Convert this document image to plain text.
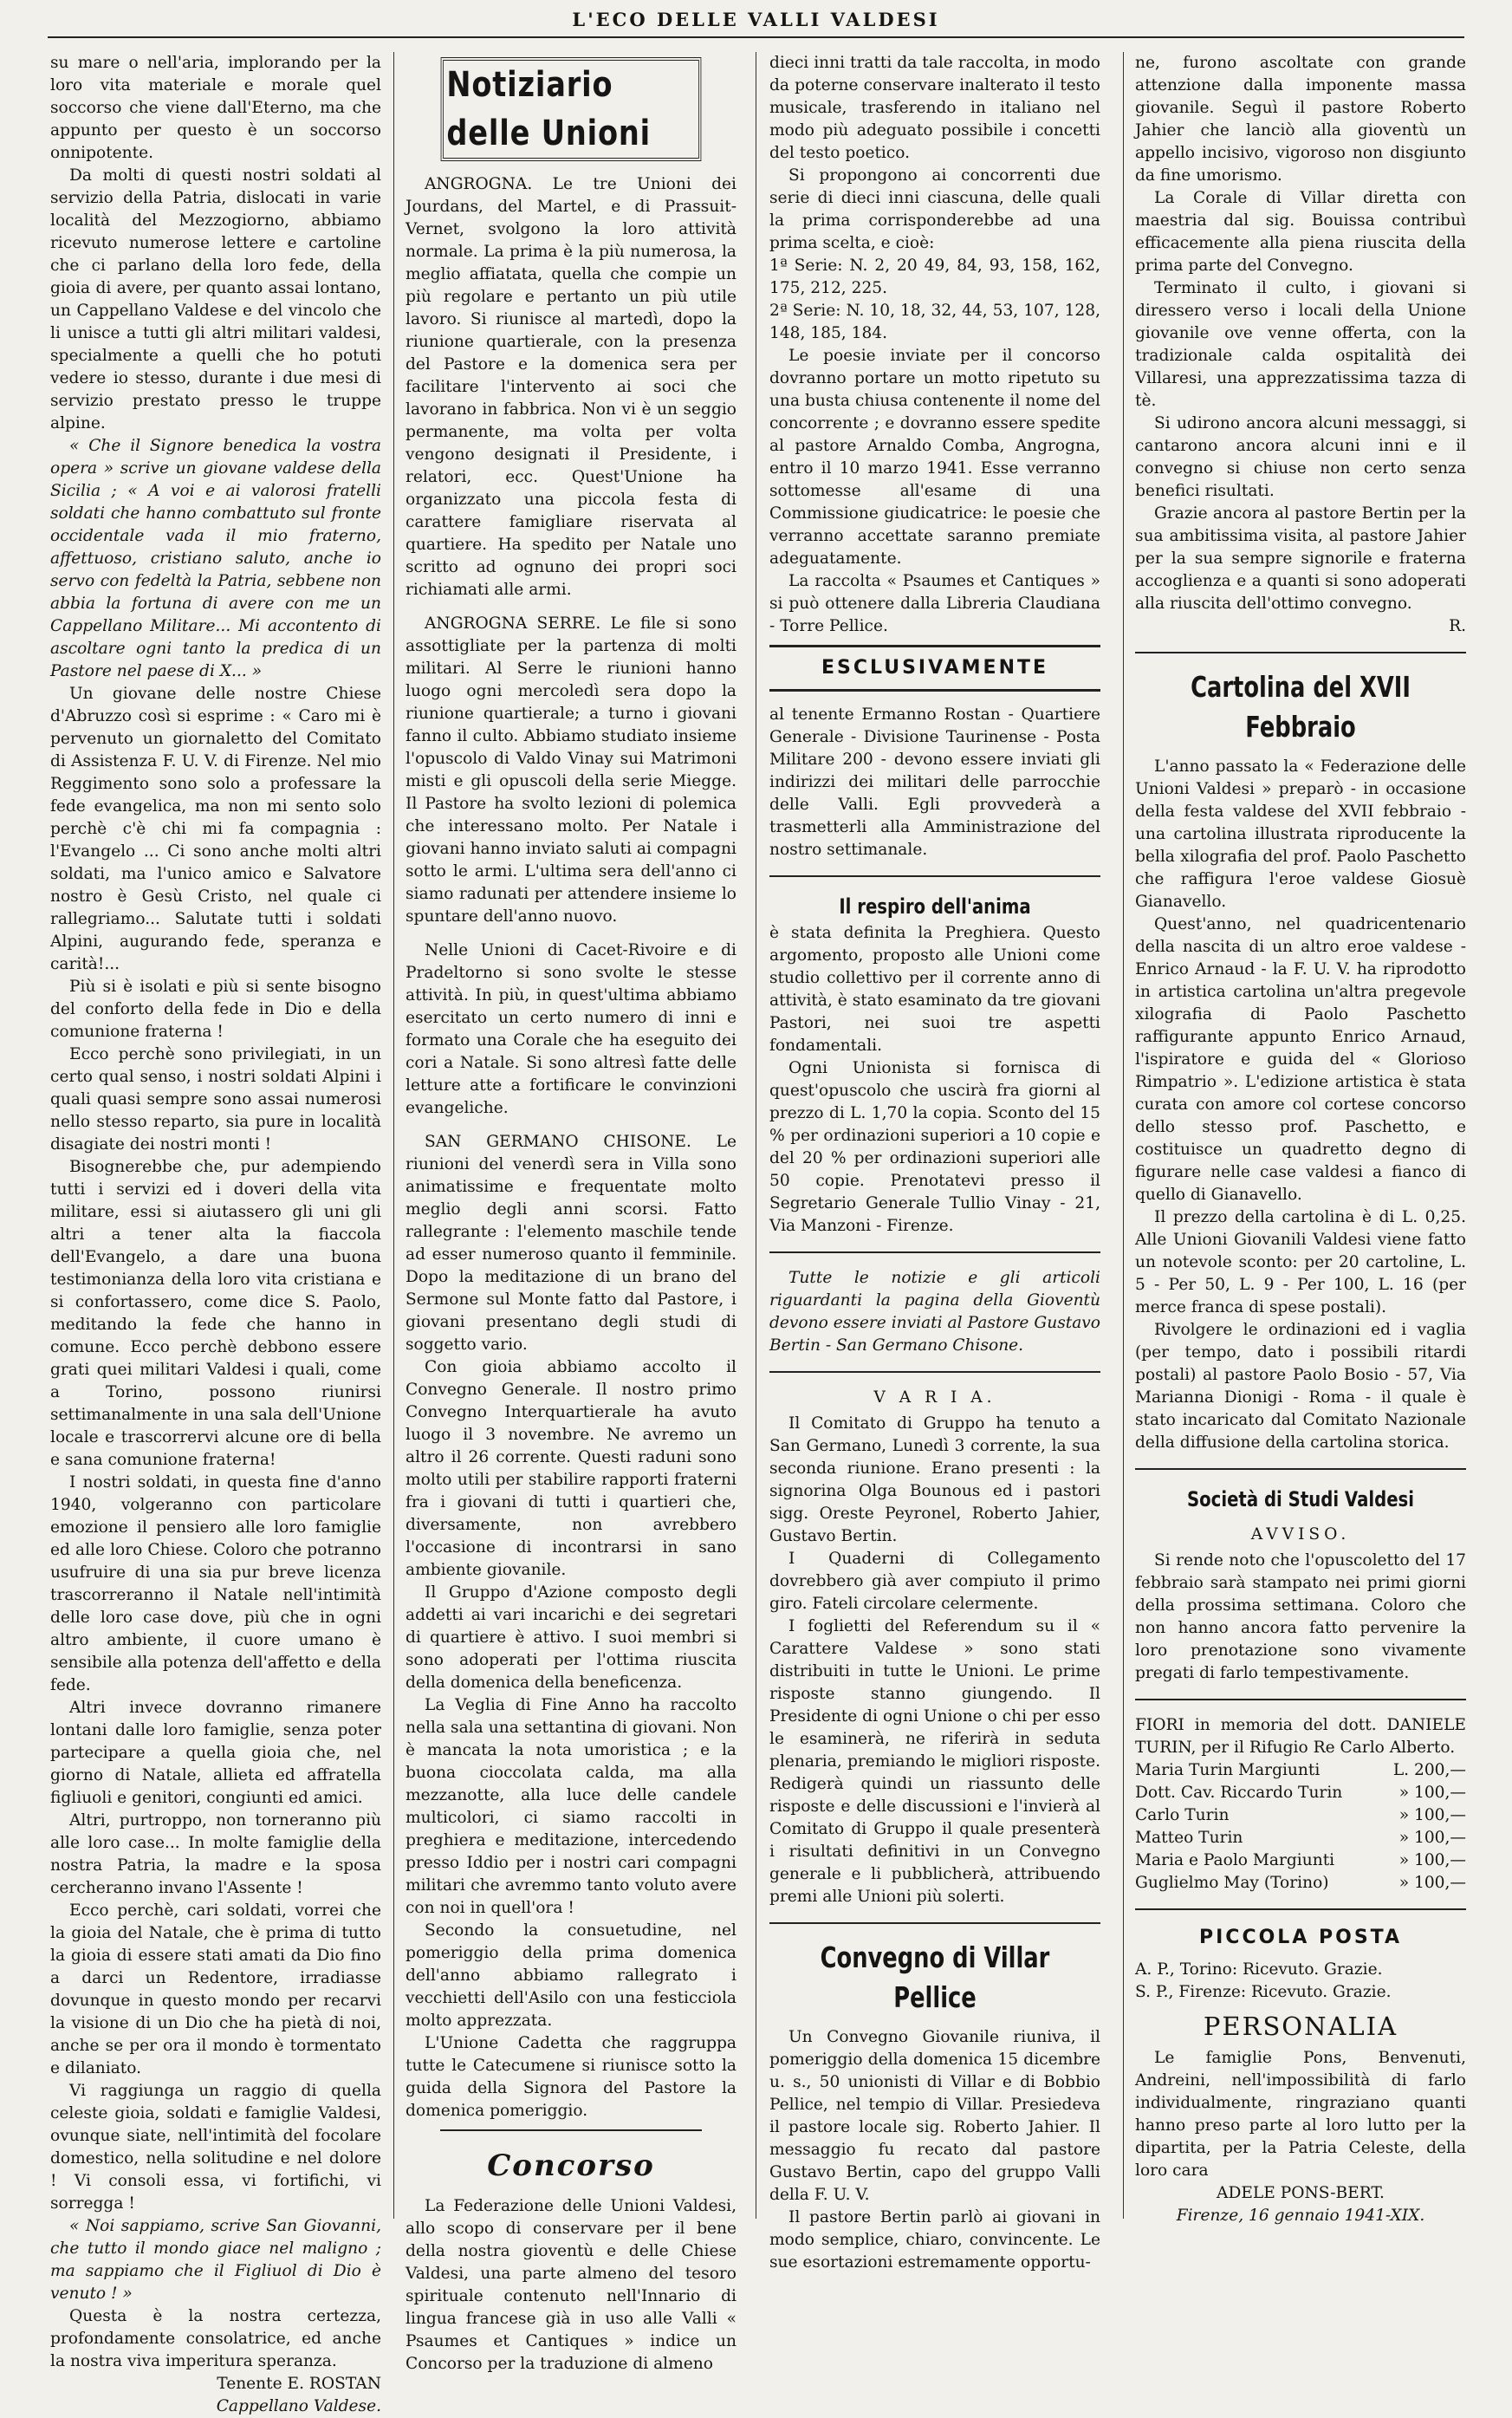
L'ECO DELLE VALLI VALDESI

su mare o nell'aria, implorando per la loro vita materiale e morale quel soccorso che viene dall'Eterno, ma che appunto per questo è un soccorso onnipotente.

Da molti di questi nostri soldati al servizio della Patria, dislocati in varie località del Mezzogiorno, abbiamo ricevuto numerose lettere e cartoline che ci parlano della loro fede, della gioia di avere, per quanto assai lontano, un Cappellano Valdese e del vincolo che li unisce a tutti gli altri militari valdesi, specialmente a quelli che ho potuti vedere io stesso, durante i due mesi di servizio prestato presso le truppe alpine.

« Che il Signore benedica la vostra opera » scrive un giovane valdese della Sicilia ; « A voi e ai valorosi fratelli soldati che hanno combattuto sul fronte occidentale vada il mio fraterno, affettuoso, cristiano saluto, anche io servo con fedeltà la Patria, sebbene non abbia la fortuna di avere con me un Cappellano Militare... Mi accontento di ascoltare ogni tanto la predica di un Pastore nel paese di X... »

Un giovane delle nostre Chiese d'Abruzzo così si esprime : « Caro mi è pervenuto un giornaletto del Comitato di Assistenza F. U. V. di Firenze. Nel mio Reggimento sono solo a professare la fede evangelica, ma non mi sento solo perchè c'è chi mi fa compagnia : l'Evangelo ... Ci sono anche molti altri soldati, ma l'unico amico e Salvatore nostro è Gesù Cristo, nel quale ci rallegriamo... Salutate tutti i soldati Alpini, augurando fede, speranza e carità!...

Più si è isolati e più si sente bisogno del conforto della fede in Dio e della comunione fraterna !

Ecco perchè sono privilegiati, in un certo qual senso, i nostri soldati Alpini i quali quasi sempre sono assai numerosi nello stesso reparto, sia pure in località disagiate dei nostri monti !

Bisognerebbe che, pur adempiendo tutti i servizi ed i doveri della vita militare, essi si aiutassero gli uni gli altri a tener alta la fiaccola dell'Evangelo, a dare una buona testimonianza della loro vita cristiana e si confortassero, come dice S. Paolo, meditando la fede che hanno in comune. Ecco perchè debbono essere grati quei militari Valdesi i quali, come a Torino, possono riunirsi settimanalmente in una sala dell'Unione locale e trascorrervi alcune ore di bella e sana comunione fraterna!

I nostri soldati, in questa fine d'anno 1940, volgeranno con particolare emozione il pensiero alle loro famiglie ed alle loro Chiese. Coloro che potranno usufruire di una sia pur breve licenza trascorreranno il Natale nell'intimità delle loro case dove, più che in ogni altro ambiente, il cuore umano è sensibile alla potenza dell'affetto e della fede.

Altri invece dovranno rimanere lontani dalle loro famiglie, senza poter partecipare a quella gioia che, nel giorno di Natale, allieta ed affratella figliuoli e genitori, congiunti ed amici.

Altri, purtroppo, non torneranno più alle loro case... In molte famiglie della nostra Patria, la madre e la sposa cercheranno invano l'Assente !

Ecco perchè, cari soldati, vorrei che la gioia del Natale, che è prima di tutto la gioia di essere stati amati da Dio fino a darci un Redentore, irradiasse dovunque in questo mondo per recarvi la visione di un Dio che ha pietà di noi, anche se per ora il mondo è tormentato e dilaniato.

Vi raggiunga un raggio di quella celeste gioia, soldati e famiglie Valdesi, ovunque siate, nell'intimità del focolare domestico, nella solitudine e nel dolore ! Vi consoli essa, vi fortifichi, vi sorregga !

« Noi sappiamo, scrive San Giovanni, che tutto il mondo giace nel maligno ; ma sappiamo che il Figliuol di Dio è venuto ! »

Questa è la nostra certezza, profondamente consolatrice, ed anche la nostra viva imperitura speranza.

Tenente E. ROSTAN

Cappellano Valdese.

Notiziario delle Unioni

ANGROGNA. Le tre Unioni dei Jourdans, del Martel, e di Prassuit-Vernet, svolgono la loro attività normale. La prima è la più numerosa, la meglio affiatata, quella che compie un più regolare e pertanto un più utile lavoro. Si riunisce al martedì, dopo la riunione quartierale, con la presenza del Pastore e la domenica sera per facilitare l'intervento ai soci che lavorano in fabbrica. Non vi è un seggio permanente, ma volta per volta vengono designati il Presidente, i relatori, ecc. Quest'Unione ha organizzato una piccola festa di carattere famigliare riservata al quartiere. Ha spedito per Natale uno scritto ad ognuno dei propri soci richiamati alle armi.

ANGROGNA SERRE. Le file si sono assottigliate per la partenza di molti militari. Al Serre le riunioni hanno luogo ogni mercoledì sera dopo la riunione quartierale; a turno i giovani fanno il culto. Abbiamo studiato insieme l'opuscolo di Valdo Vinay sui Matrimoni misti e gli opuscoli della serie Miegge. Il Pastore ha svolto lezioni di polemica che interessano molto. Per Natale i giovani hanno inviato saluti ai compagni sotto le armi. L'ultima sera dell'anno ci siamo radunati per attendere insieme lo spuntare dell'anno nuovo.

Nelle Unioni di Cacet-Rivoire e di Pradeltorno si sono svolte le stesse attività. In più, in quest'ultima abbiamo esercitato un certo numero di inni e formato una Corale che ha eseguito dei cori a Natale. Si sono altresì fatte delle letture atte a fortificare le convinzioni evangeliche.

SAN GERMANO CHISONE. Le riunioni del venerdì sera in Villa sono animatissime e frequentate molto meglio degli anni scorsi. Fatto rallegrante : l'elemento maschile tende ad esser numeroso quanto il femminile. Dopo la meditazione di un brano del Sermone sul Monte fatto dal Pastore, i giovani presentano degli studi di soggetto vario.

Con gioia abbiamo accolto il Convegno Generale. Il nostro primo Convegno Interquartierale ha avuto luogo il 3 novembre. Ne avremo un altro il 26 corrente. Questi raduni sono molto utili per stabilire rapporti fraterni fra i giovani di tutti i quartieri che, diversamente, non avrebbero l'occasione di incontrarsi in sano ambiente giovanile.

Il Gruppo d'Azione composto degli addetti ai vari incarichi e dei segretari di quartiere è attivo. I suoi membri si sono adoperati per l'ottima riuscita della domenica della beneficenza.

La Veglia di Fine Anno ha raccolto nella sala una settantina di giovani. Non è mancata la nota umoristica ; e la buona cioccolata calda, ma alla mezzanotte, alla luce delle candele multicolori, ci siamo raccolti in preghiera e meditazione, intercedendo presso Iddio per i nostri cari compagni militari che avremmo tanto voluto avere con noi in quell'ora !

Secondo la consuetudine, nel pomeriggio della prima domenica dell'anno abbiamo rallegrato i vecchietti dell'Asilo con una festicciola molto apprezzata.

L'Unione Cadetta che raggruppa tutte le Catecumene si riunisce sotto la guida della Signora del Pastore la domenica pomeriggio.

Concorso

La Federazione delle Unioni Valdesi, allo scopo di conservare per il bene della nostra gioventù e delle Chiese Valdesi, una parte almeno del tesoro spirituale contenuto nell'Innario di lingua francese già in uso alle Valli « Psaumes et Cantiques » indice un Concorso per la traduzione di almeno

dieci inni tratti da tale raccolta, in modo da poterne conservare inalterato il testo musicale, trasferendo in italiano nel modo più adeguato possibile i concetti del testo poetico.

Si propongono ai concorrenti due serie di dieci inni ciascuna, delle quali la prima corrisponderebbe ad una prima scelta, e cioè:

1ª Serie: N. 2, 20 49, 84, 93, 158, 162, 175, 212, 225.

2ª Serie: N. 10, 18, 32, 44, 53, 107, 128, 148, 185, 184.

Le poesie inviate per il concorso dovranno portare un motto ripetuto su una busta chiusa contenente il nome del concorrente ; e dovranno essere spedite al pastore Arnaldo Comba, Angrogna, entro il 10 marzo 1941. Esse verranno sottomesse all'esame di una Commissione giudicatrice: le poesie che verranno accettate saranno premiate adeguatamente.

La raccolta « Psaumes et Cantiques » si può ottenere dalla Libreria Claudiana - Torre Pellice.

ESCLUSIVAMENTE

al tenente Ermanno Rostan - Quartiere Generale - Divisione Taurinense - Posta Militare 200 - devono essere inviati gli indirizzi dei militari delle parrocchie delle Valli. Egli provvederà a trasmetterli alla Amministrazione del nostro settimanale.

Il respiro dell'anima

è stata definita la Preghiera. Questo argomento, proposto alle Unioni come studio collettivo per il corrente anno di attività, è stato esaminato da tre giovani Pastori, nei suoi tre aspetti fondamentali.

Ogni Unionista si fornisca di quest'opuscolo che uscirà fra giorni al prezzo di L. 1,70 la copia. Sconto del 15 % per ordinazioni superiori a 10 copie e del 20 % per ordinazioni superiori alle 50 copie. Prenotatevi presso il Segretario Generale Tullio Vinay - 21, Via Manzoni - Firenze.

Tutte le notizie e gli articoli riguardanti la pagina della Gioventù devono essere inviati al Pastore Gustavo Bertin - San Germano Chisone.

V A R I A.

Il Comitato di Gruppo ha tenuto a San Germano, Lunedì 3 corrente, la sua seconda riunione. Erano presenti : la signorina Olga Bounous ed i pastori sigg. Oreste Peyronel, Roberto Jahier, Gustavo Bertin.

I Quaderni di Collegamento dovrebbero già aver compiuto il primo giro. Fateli circolare celermente.

I foglietti del Referendum su il « Carattere Valdese » sono stati distribuiti in tutte le Unioni. Le prime risposte stanno giungendo. Il Presidente di ogni Unione o chi per esso le esaminerà, ne riferirà in seduta plenaria, premiando le migliori risposte. Redigerà quindi un riassunto delle risposte e delle discussioni e l'invierà al Comitato di Gruppo il quale presenterà i risultati definitivi in un Convegno generale e li pubblicherà, attribuendo premi alle Unioni più solerti.

Convegno di Villar Pellice

Un Convegno Giovanile riuniva, il pomeriggio della domenica 15 dicembre u. s., 50 unionisti di Villar e di Bobbio Pellice, nel tempio di Villar. Presiedeva il pastore locale sig. Roberto Jahier. Il messaggio fu recato dal pastore Gustavo Bertin, capo del gruppo Valli della F. U. V.

Il pastore Bertin parlò ai giovani in modo semplice, chiaro, convincente. Le sue esortazioni estremamente opportu-

ne, furono ascoltate con grande attenzione dalla imponente massa giovanile. Seguì il pastore Roberto Jahier che lanciò alla gioventù un appello incisivo, vigoroso non disgiunto da fine umorismo.

La Corale di Villar diretta con maestria dal sig. Bouissa contribuì efficacemente alla piena riuscita della prima parte del Convegno.

Terminato il culto, i giovani si diressero verso i locali della Unione giovanile ove venne offerta, con la tradizionale calda ospitalità dei Villaresi, una apprezzatissima tazza di tè.

Si udirono ancora alcuni messaggi, si cantarono ancora alcuni inni e il convegno si chiuse non certo senza benefici risultati.

Grazie ancora al pastore Bertin per la sua ambitissima visita, al pastore Jahier per la sua sempre signorile e fraterna accoglienza e a quanti si sono adoperati alla riuscita dell'ottimo convegno.

R.

Cartolina del XVII Febbraio

L'anno passato la « Federazione delle Unioni Valdesi » preparò - in occasione della festa valdese del XVII febbraio - una cartolina illustrata riproducente la bella xilografia del prof. Paolo Paschetto che raffigura l'eroe valdese Giosuè Gianavello.

Quest'anno, nel quadricentenario della nascita di un altro eroe valdese - Enrico Arnaud - la F. U. V. ha riprodotto in artistica cartolina un'altra pregevole xilografia di Paolo Paschetto raffigurante appunto Enrico Arnaud, l'ispiratore e guida del « Glorioso Rimpatrio ». L'edizione artistica è stata curata con amore col cortese concorso dello stesso prof. Paschetto, e costituisce un quadretto degno di figurare nelle case valdesi a fianco di quello di Gianavello.

Il prezzo della cartolina è di L. 0,25. Alle Unioni Giovanili Valdesi viene fatto un notevole sconto: per 20 cartoline, L. 5 - Per 50, L. 9 - Per 100, L. 16 (per merce franca di spese postali).

Rivolgere le ordinazioni ed i vaglia (per tempo, dato i possibili ritardi postali) al pastore Paolo Bosio - 57, Via Marianna Dionigi - Roma - il quale è stato incaricato dal Comitato Nazionale della diffusione della cartolina storica.

Società di Studi Valdesi
AVVISO.

Si rende noto che l'opuscoletto del 17 febbraio sarà stampato nei primi giorni della prossima settimana. Coloro che non hanno ancora fatto pervenire la loro prenotazione sono vivamente pregati di farlo tempestivamente.

FIORI in memoria del dott. DANIELE TURIN, per il Rifugio Re Carlo Alberto.

Maria Turin Margiunti	L. 200,—
Dott. Cav. Riccardo Turin	» 100,—
Carlo Turin	» 100,—
Matteo Turin	» 100,—
Maria e Paolo Margiunti	» 100,—
Guglielmo May (Torino)	» 100,—
PICCOLA POSTA

A. P., Torino: Ricevuto. Grazie.

S. P., Firenze: Ricevuto. Grazie.

PERSONALIA

Le famiglie Pons, Benvenuti, Andreini, nell'impossibilità di farlo individualmente, ringraziano quanti hanno preso parte al loro lutto per la dipartita, per la Patria Celeste, della loro cara

ADELE PONS-BERT.

Firenze, 16 gennaio 1941-XIX.
